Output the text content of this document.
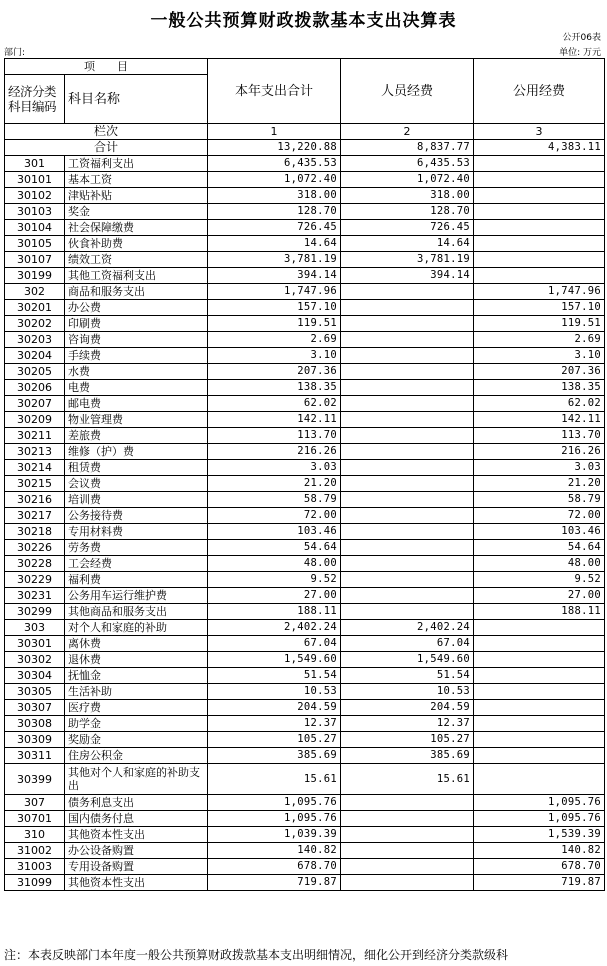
一般公共预算财政拨款基本支出决算表
公开06表
部门:	单位: 万元
项　　目		本年支出合计	人员经费	公用经费
经济分类科目编码	科目名称			
栏次		1	2	3
合计		13,220.88	8,837.77	4,383.11
301	工资福利支出	6,435.53	6,435.53	
30101	基本工资	1,072.40	1,072.40	
30102	津贴补贴	318.00	318.00	
30103	奖金	128.70	128.70	
30104	社会保障缴费	726.45	726.45	
30105	伙食补助费	14.64	14.64	
30107	绩效工资	3,781.19	3,781.19	
30199	其他工资福利支出	394.14	394.14	
302	商品和服务支出	1,747.96		1,747.96
30201	办公费	157.10		157.10
30202	印刷费	119.51		119.51
30203	咨询费	2.69		2.69
30204	手续费	3.10		3.10
30205	水费	207.36		207.36
30206	电费	138.35		138.35
30207	邮电费	62.02		62.02
30209	物业管理费	142.11		142.11
30211	差旅费	113.70		113.70
30213	维修（护）费	216.26		216.26
30214	租赁费	3.03		3.03
30215	会议费	21.20		21.20
30216	培训费	58.79		58.79
30217	公务接待费	72.00		72.00
30218	专用材料费	103.46		103.46
30226	劳务费	54.64		54.64
30228	工会经费	48.00		48.00
30229	福利费	9.52		9.52
30231	公务用车运行维护费	27.00		27.00
30299	其他商品和服务支出	188.11		188.11
303	对个人和家庭的补助	2,402.24	2,402.24	
30301	离休费	67.04	67.04	
30302	退休费	1,549.60	1,549.60	
30304	抚恤金	51.54	51.54	
30305	生活补助	10.53	10.53	
30307	医疗费	204.59	204.59	
30308	助学金	12.37	12.37	
30309	奖励金	105.27	105.27	
30311	住房公积金	385.69	385.69	
30399	其他对个人和家庭的补助支出	15.61	15.61	
307	债务利息支出	1,095.76		1,095.76
30701	国内债务付息	1,095.76		1,095.76
310	其他资本性支出	1,039.39		1,539.39
31002	办公设备购置	140.82		140.82
31003	专用设备购置	678.70		678.70
31099	其他资本性支出	719.87		719.87
注：本表反映部门本年度一般公共预算财政拨款基本支出明细情况，细化公开到经济分类款级科
